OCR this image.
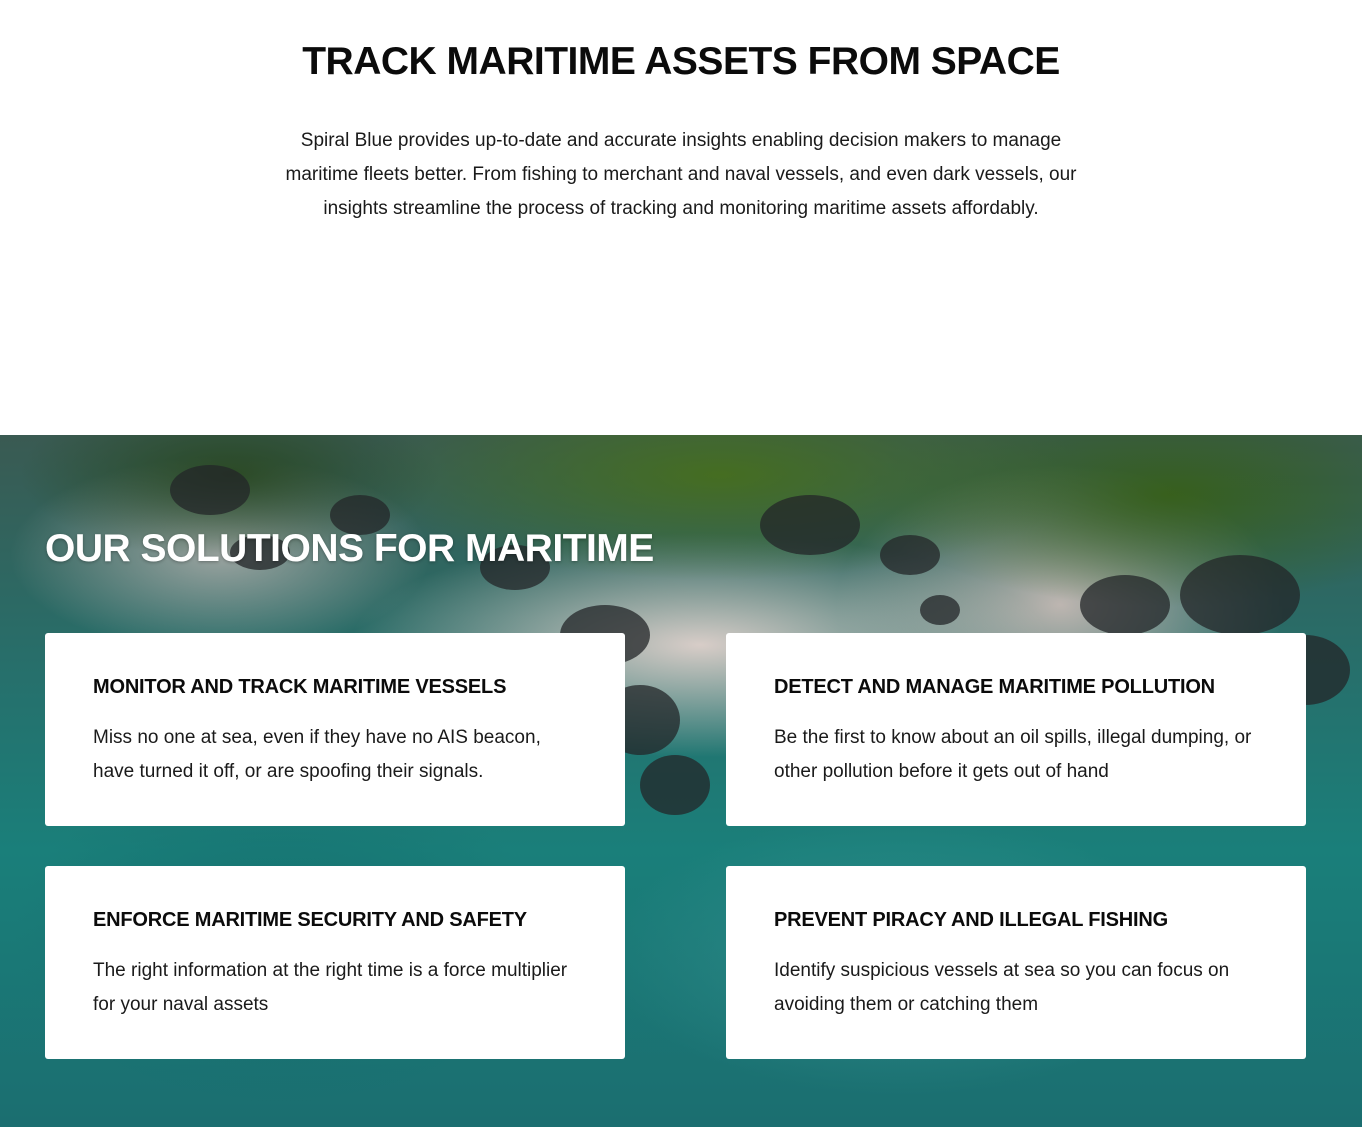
TRACK MARITIME ASSETS FROM SPACE

Spiral Blue provides up-to-date and accurate insights enabling decision makers to manage maritime fleets better. From fishing to merchant and naval vessels, and even dark vessels, our insights streamline the process of tracking and monitoring maritime assets affordably.

OUR SOLUTIONS FOR MARITIME
MONITOR AND TRACK MARITIME VESSELS

Miss no one at sea, even if they have no AIS beacon, have turned it off, or are spoofing their signals.

DETECT AND MANAGE MARITIME POLLUTION

Be the first to know about an oil spills, illegal dumping, or other pollution before it gets out of hand

ENFORCE MARITIME SECURITY AND SAFETY

The right information at the right time is a force multiplier for your naval assets

PREVENT PIRACY AND ILLEGAL FISHING

Identify suspicious vessels at sea so you can focus on avoiding them or catching them
